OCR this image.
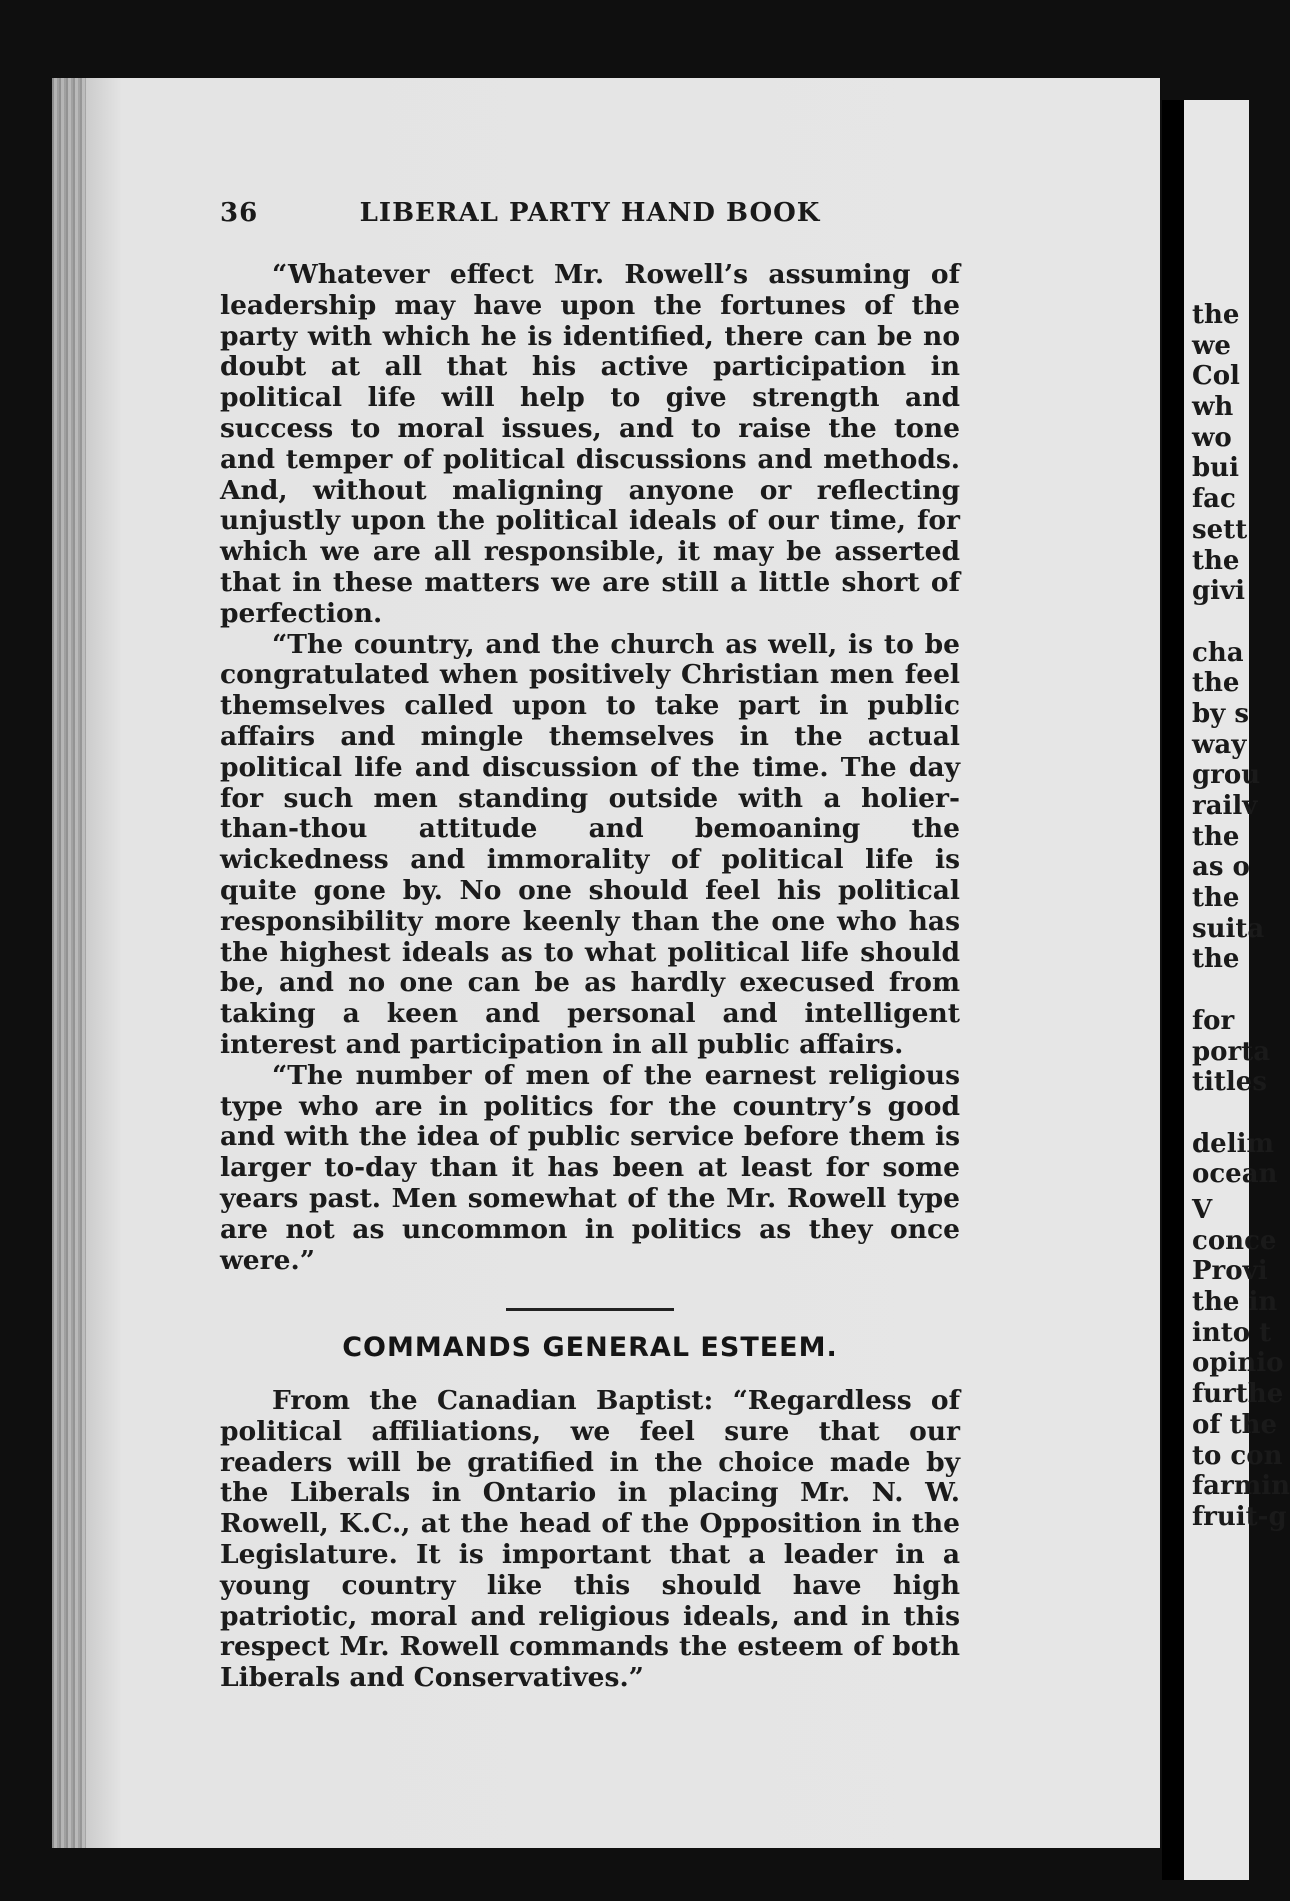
36	LIBERAL PARTY HAND BOOK

“Whatever effect Mr. Rowell’s assuming of leadership may have upon the fortunes of the party with which he is identified, there can be no doubt at all that his active participation in political life will help to give strength and success to moral issues, and to raise the tone and temper of political discussions and methods. And, without maligning anyone or reflecting unjustly upon the political ideals of our time, for which we are all responsible, it may be asserted that in these matters we are still a little short of perfection.

“The country, and the church as well, is to be congratulated when positively Christian men feel themselves called upon to take part in public affairs and mingle themselves in the actual political life and discussion of the time. The day for such men standing outside with a holier-than-thou attitude and bemoaning the wickedness and immorality of political life is quite gone by. No one should feel his political responsibility more keenly than the one who has the highest ideals as to what political life should be, and no one can be as hardly execused from taking a keen and personal and intelligent interest and participation in all public affairs.

“The number of men of the earnest religious type who are in politics for the country’s good and with the idea of public service before them is larger to-day than it has been at least for some years past. Men somewhat of the Mr. Rowell type are not as uncommon in politics as they once were.”

COMMANDS GENERAL ESTEEM.

From the Canadian Baptist: “Regardless of political affiliations, we feel sure that our readers will be gratified in the choice made by the Liberals in Ontario in placing Mr. N. W. Rowell, K.C., at the head of the Opposition in the Legislature. It is important that a leader in a young country like this should have high patriotic, moral and religious ideals, and in this respect Mr. Rowell commands the esteem of both Liberals and Conservatives.”

the
we
Col
wh
wo
bui
fac
sett
the
givi
cha
the
by s
way
grou
railv
the
as o
the
suita
the
for
porta
titles
delim
ocean
V
conce
Provi
the in
into t
opinio
furthe
of the
to con
farmin
fruit-g
